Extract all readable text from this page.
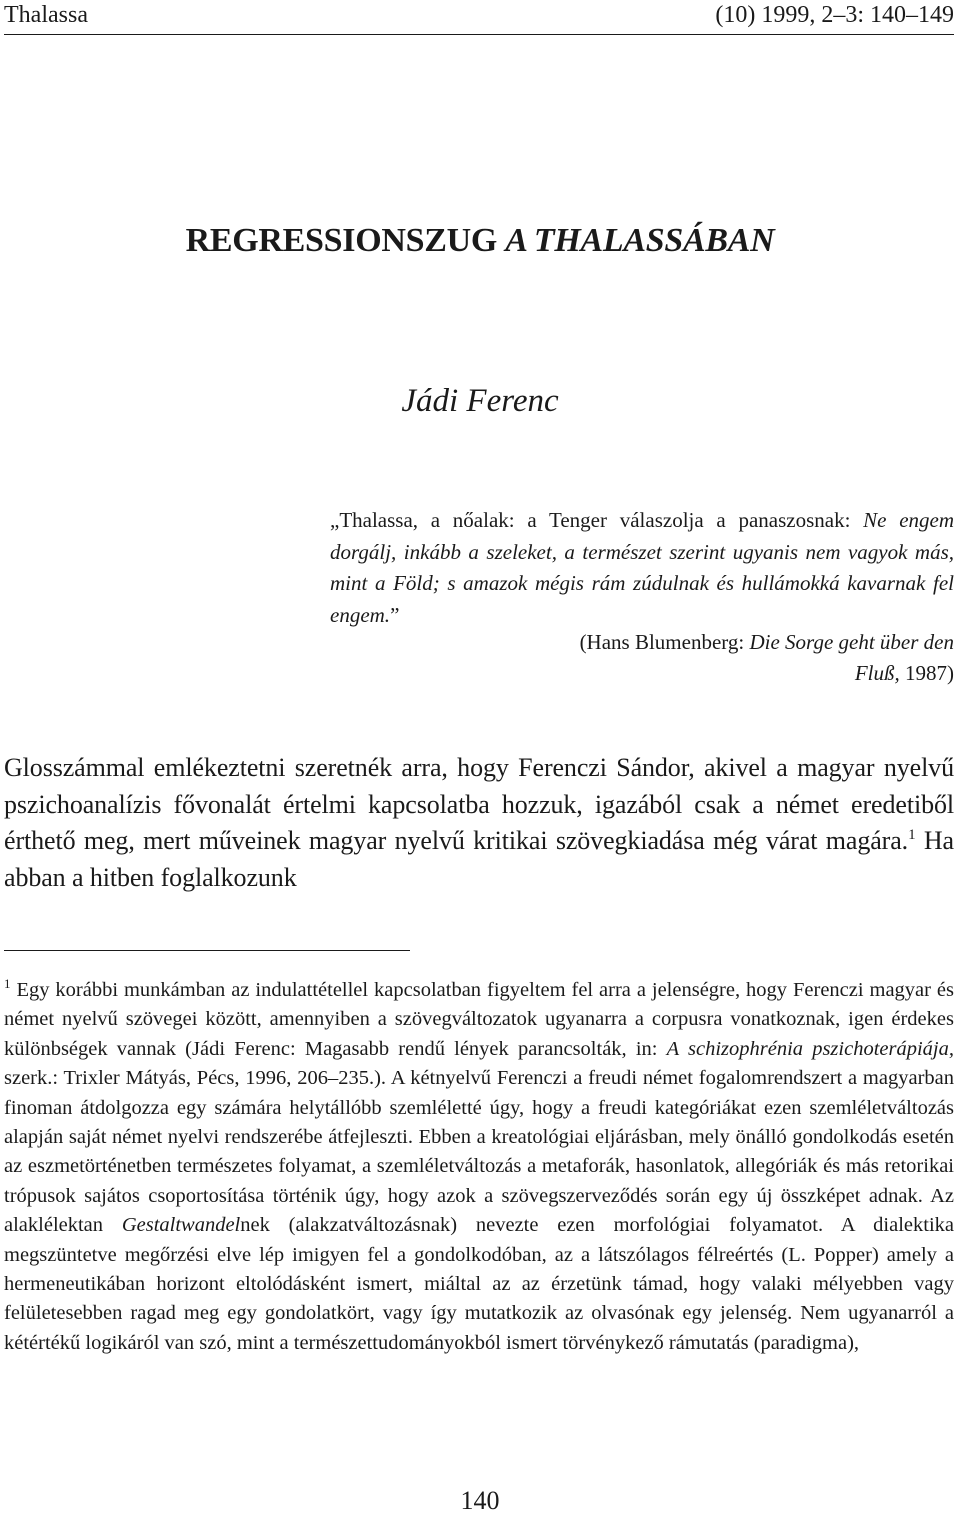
Thalassa	(10) 1999, 2–3: 140–149
REGRESSIONSZUG A THALASSÁBAN
Jádi Ferenc
„Thalassa, a nőalak: a Tenger válaszolja a panaszosnak: Ne engem dorgálj, inkább a szeleket, a természet szerint ugyanis nem vagyok más, mint a Föld; s amazok mégis rám zúdulnak és hullámokká kavarnak fel engem.”
(Hans Blumenberg: Die Sorge geht über den Fluß, 1987)
Glosszámmal emlékeztetni szeretnék arra, hogy Ferenczi Sándor, akivel a magyar nyelvű pszichoanalízis fővonalát értelmi kapcsolatba hozzuk, igazából csak a német eredetiből érthető meg, mert műveinek magyar nyelvű kritikai szövegkiadása még várat magára.$^1$ Ha abban a hitben foglalkozunk
$^1$ Egy korábbi munkámban az indulattétellel kapcsolatban figyeltem fel arra a jelenségre, hogy Ferenczi magyar és német nyelvű szövegei között, amennyiben a szövegváltozatok ugyanarra a corpusra vonatkoznak, igen érdekes különbségek vannak (Jádi Ferenc: Magasabb rendű lények parancsolták, in: A schizophrénia pszichoterápiája, szerk.: Trixler Mátyás, Pécs, 1996, 206–235.). A kétnyelvű Ferenczi a freudi német fogalomrendszert a magyarban finoman átdolgozza egy számára helytállóbb szemléletté úgy, hogy a freudi kategóriákat ezen szemléletváltozás alapján saját német nyelvi rendszerébe átfejleszti. Ebben a kreatológiai eljárásban, mely önálló gondolkodás esetén az eszmetörténetben természetes folyamat, a szemléletváltozás a metaforák, hasonlatok, allegóriák és más retorikai trópusok sajátos csoportosítása történik úgy, hogy azok a szövegszerveződés során egy új összképet adnak. Az alaklélektan Gestaltwandelnek (alakzatváltozásnak) nevezte ezen morfológiai folyamatot. A dialektika megszüntetve megőrzési elve lép imigyen fel a gondolkodóban, az a látszólagos félreértés (L. Popper) amely a hermeneutikában horizont eltolódásként ismert, miáltal az az érzetünk támad, hogy valaki mélyebben vagy felületesebben ragad meg egy gondolatkört, vagy így mutatkozik az olvasónak egy jelenség. Nem ugyanarról a kétértékű logikáról van szó, mint a természettudományokból ismert törvénykező rámutatás (paradigma),
140
